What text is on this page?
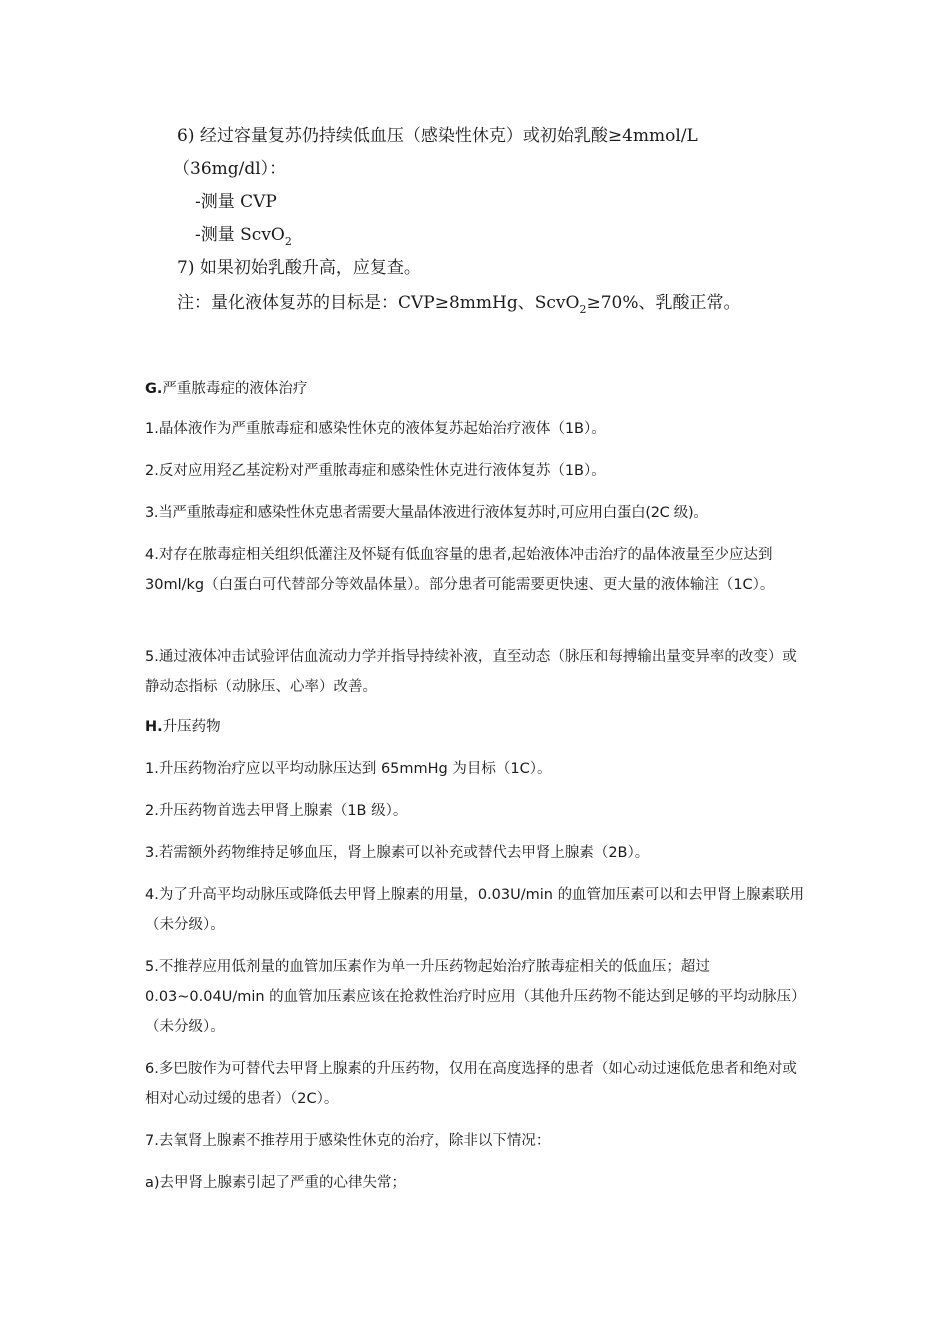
6) 经过容量复苏仍持续低血压（感染性休克）或初始乳酸≥4mmol/L
（36mg/dl）：
-测量 CVP
-测量 ScvO$_2$
7) 如果初始乳酸升高，应复查。
注：量化液体复苏的目标是：CVP≥8mmHg、ScvO$_2$≥70%、乳酸正常。

G.严重脓毒症的液体治疗

1.晶体液作为严重脓毒症和感染性休克的液体复苏起始治疗液体（1B）。

2.反对应用羟乙基淀粉对严重脓毒症和感染性休克进行液体复苏（1B）。

3.当严重脓毒症和感染性休克患者需要大量晶体液进行液体复苏时,可应用白蛋白(2C 级)。

4.对存在脓毒症相关组织低灌注及怀疑有低血容量的患者,起始液体冲击治疗的晶体液量至少应达到 30ml/kg（白蛋白可代替部分等效晶体量）。部分患者可能需要更快速、更大量的液体输注（1C）。

5.通过液体冲击试验评估血流动力学并指导持续补液，直至动态（脉压和每搏输出量变异率的改变）或静动态指标（动脉压、心率）改善。

H.升压药物

1.升压药物治疗应以平均动脉压达到 65mmHg 为目标（1C）。

2.升压药物首选去甲肾上腺素（1B 级）。

3.若需额外药物维持足够血压，肾上腺素可以补充或替代去甲肾上腺素（2B）。

4.为了升高平均动脉压或降低去甲肾上腺素的用量，0.03U/min 的血管加压素可以和去甲肾上腺素联用（未分级）。

5.不推荐应用低剂量的血管加压素作为单一升压药物起始治疗脓毒症相关的低血压；超过 0.03~0.04U/min 的血管加压素应该在抢救性治疗时应用（其他升压药物不能达到足够的平均动脉压）（未分级）。

6.多巴胺作为可替代去甲肾上腺素的升压药物，仅用在高度选择的患者（如心动过速低危患者和绝对或相对心动过缓的患者）（2C）。

7.去氧肾上腺素不推荐用于感染性休克的治疗，除非以下情况：

a)去甲肾上腺素引起了严重的心律失常；
